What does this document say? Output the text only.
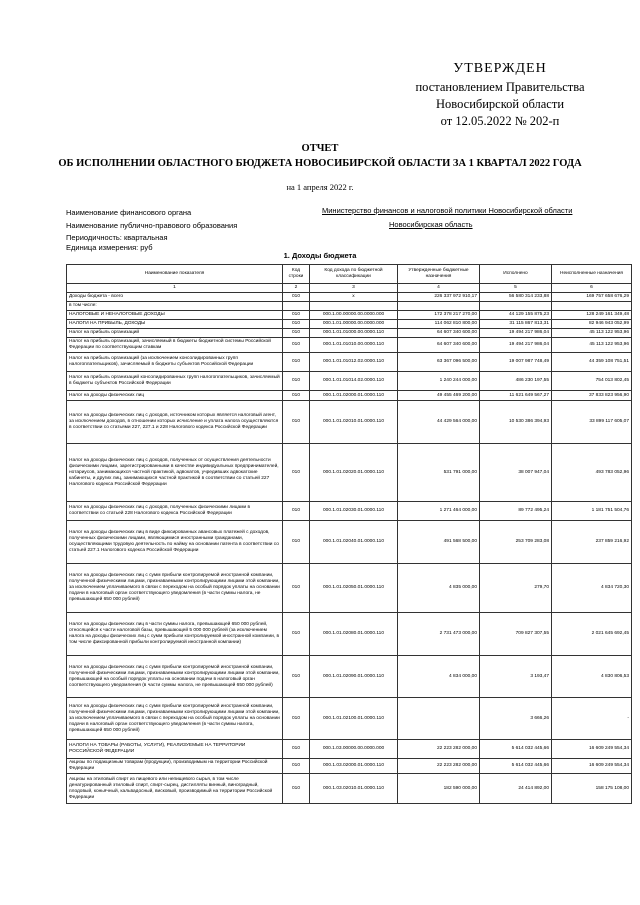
УТВЕРЖДЕН
постановлением Правительства
Новосибирской области
от 12.05.2022 № 202-п
ОТЧЕТ
ОБ ИСПОЛНЕНИИ ОБЛАСТНОГО БЮДЖЕТА НОВОСИБИРСКОЙ ОБЛАСТИ ЗА 1 КВАРТАЛ 2022 ГОДА
на 1 апреля 2022 г.
Наименование финансового органа	Министерство финансов и налоговой политики Новосибирской области
Наименование публично-правового образования	Новосибирская область
Периодичность: квартальная
Единица измерения: руб
1. Доходы бюджета
Наименование показателя	Код строки	Код дохода по бюджетной классификации	Утвержденные бюджетные назначения	Исполнено	Неисполненные назначения
1	2	3	4	5	6
Доходы бюджета - всего	010	x	226 337 972 910,17	56 580 314 233,88	169 757 658 676,29
в том числе:					
НАЛОГОВЫЕ И НЕНАЛОГОВЫЕ ДОХОДЫ	010	000.1.00.00000.00.0000.000	172 378 217 270,00	44 129 155 875,23	128 249 161 349,48
НАЛОГИ НА ПРИБЫЛЬ, ДОХОДЫ	010	000.1.01.00000.00.0000.000	114 062 810 800,00	31 115 867 813,31	82 946 943 052,99
Налог на прибыль организаций	010	000.1.01.01000.00.0000.110	64 607 340 600,00	19 494 217 986,04	45 113 122 953,96
Налог на прибыль организаций, зачисляемый в бюджеты бюджетной системы Российской Федерации по соответствующим ставкам	010	000.1.01.01010.00.0000.110	64 607 340 600,00	19 494 217 986,04	45 113 122 953,96
Налог на прибыль организаций (за исключением консолидированных групп налогоплательщиков), зачисляемый в бюджеты субъектов Российской Федерации	010	000.1.01.01012.02.0000.110	63 367 096 500,00	19 007 987 748,49	44 359 108 751,51
Налог на прибыль организаций консолидированных групп налогоплательщиков, зачисляемый в бюджеты субъектов Российской Федерации	010	000.1.01.01014.02.0000.110	1 240 244 000,00	486 230 197,55	754 013 802,45
Налог на доходы физических лиц	010	000.1.01.02000.01.0000.110	49 455 469 200,00	11 621 649 567,27	37 833 823 956,90
Налог на доходы физических лиц с доходов, источником которых является налоговый агент, за исключением доходов, в отношении которых исчисление и уплата налога осуществляются в соответствии со статьями 227, 227.1 и 228 Налогового кодекса Российской Федерации	010	000.1.01.02010.01.0000.110	44 429 564 000,00	10 530 386 394,93	33 899 117 605,07
Налог на доходы физических лиц с доходов, полученных от осуществления деятельности физическими лицами, зарегистрированными в качестве индивидуальных предпринимателей, нотариусов, занимающихся частной практикой, адвокатов, учредивших адвокатские кабинеты, и других лиц, занимающихся частной практикой в соответствии со статьей 227 Налогового кодекса Российской Федерации	010	000.1.01.02020.01.0000.110	531 791 000,00	38 007 947,04	493 783 052,96
Налог на доходы физических лиц с доходов, полученных физическими лицами в соответствии со статьей 228 Налогового кодекса Российской Федерации	010	000.1.01.02030.01.0000.110	1 271 464 000,00	89 772 495,24	1 181 751 504,76
Налог на доходы физических лиц в виде фиксированных авансовых платежей с доходов, полученных физическими лицами, являющимися иностранными гражданами, осуществляющими трудовую деятельность по найму на основании патента в соответствии со статьей 227.1 Налогового кодекса Российской Федерации	010	000.1.01.02040.01.0000.110	491 568 500,00	253 709 283,08	237 859 216,92
Налог на доходы физических лиц с сумм прибыли контролируемой иностранной компании, полученной физическими лицами, признаваемыми контролирующими лицами этой компании, за исключением уплачиваемого в связи с переходом на особый порядок уплаты на основании подачи в налоговый орган соответствующего уведомления (в части суммы налога, не превышающей 650 000 рублей)	010	000.1.01.02050.01.0000.110	4 835 000,00	279,70	4 834 720,30
Налог на доходы физических лиц в части суммы налога, превышающей 650 000 рублей, относящейся к части налоговой базы, превышающей 5 000 000 рублей (за исключением налога на доходы физических лиц с сумм прибыли контролируемой иностранной компании, в том числе фиксированной прибыли контролируемой иностранной компании)	010	000.1.01.02080.01.0000.110	2 731 473 000,00	709 827 307,55	2 021 645 692,45
Налог на доходы физических лиц с сумм прибыли контролируемой иностранной компании, полученной физическими лицами, признаваемыми контролирующими лицами этой компании, превышающей на особый порядок уплаты на основании подачи в налоговый орган соответствующего уведомления (в части суммы налога, не превышающей 650 000 рублей)	010	000.1.01.02090.01.0000.110	4 834 000,00	3 193,47	4 830 806,53
Налог на доходы физических лиц с сумм прибыли контролируемой иностранной компании, полученной физическими лицами, признаваемыми контролирующими лицами этой компании, за исключением уплачиваемого в связи с переходом на особый порядок уплаты на основании подачи в налоговый орган соответствующего уведомления (в части суммы налога, превышающей 650 000 рублей)	010	000.1.01.02100.01.0000.110		3 666,26	-
НАЛОГИ НА ТОВАРЫ (РАБОТЫ, УСЛУГИ), РЕАЛИЗУЕМЫЕ НА ТЕРРИТОРИИ РОССИЙСКОЙ ФЕДЕРАЦИИ	010	000.1.03.00000.00.0000.000	22 223 282 000,00	5 614 032 445,66	16 609 249 554,34
Акцизы по подакцизным товарам (продукции), производимым на территории Российской Федерации	010	000.1.03.02000.01.0000.110	22 223 282 000,00	5 614 032 445,66	16 609 249 554,34
Акцизы на этиловый спирт из пищевого или непищевого сырья, в том числе денатурированный этиловый спирт, спирт-сырец, дистилляты винный, виноградный, плодовый, коньячный, кальвадосный, висковый, производимый на территории Российской Федерации	010	000.1.03.02010.01.0000.110	182 590 000,00	24 414 892,00	158 175 108,00
